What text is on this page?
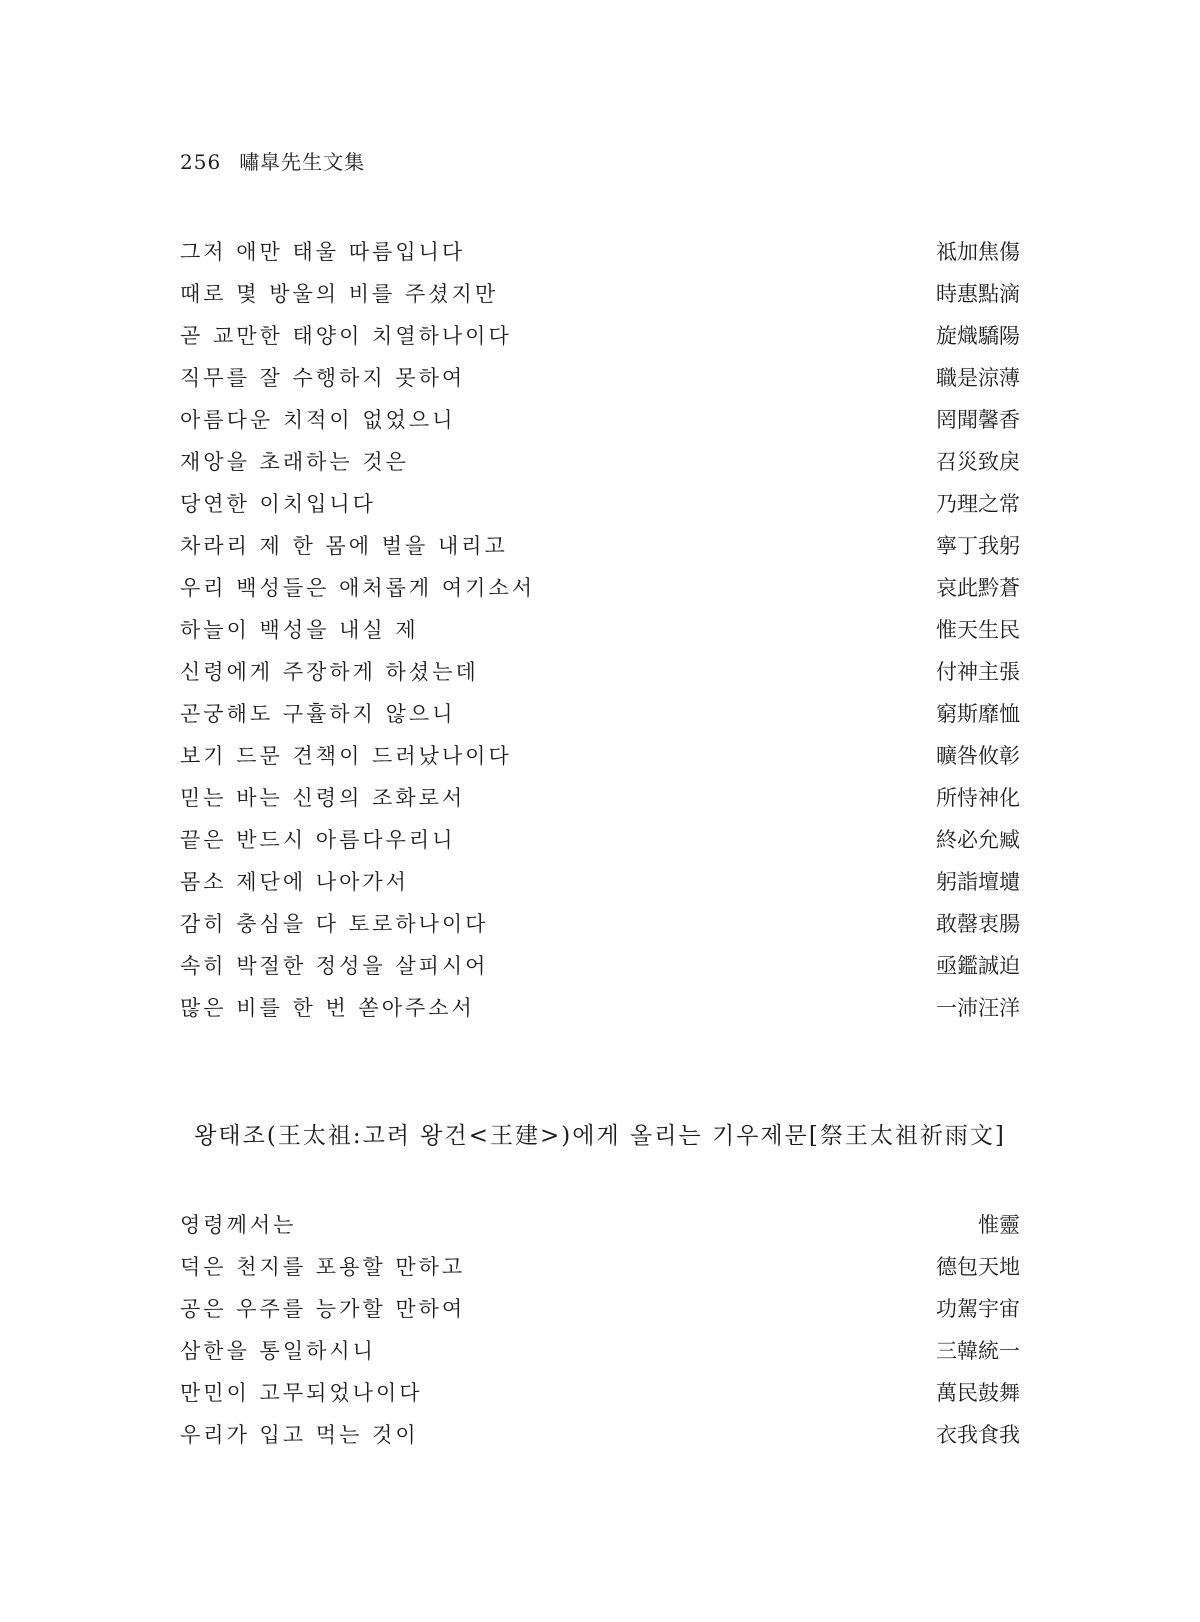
256 嘯皐先生文集
그저 애만 태울 따름입니다	祗加焦傷
때로 몇 방울의 비를 주셨지만	時惠點滴
곧 교만한 태양이 치열하나이다	旋熾驕陽
직무를 잘 수행하지 못하여	職是涼薄
아름다운 치적이 없었으니	罔聞馨香
재앙을 초래하는 것은	召災致戾
당연한 이치입니다	乃理之常
차라리 제 한 몸에 벌을 내리고	寧丁我躬
우리 백성들은 애처롭게 여기소서	哀此黔蒼
하늘이 백성을 내실 제	惟天生民
신령에게 주장하게 하셨는데	付神主張
곤궁해도 구휼하지 않으니	窮斯靡恤
보기 드문 견책이 드러났나이다	曠咎攸彰
믿는 바는 신령의 조화로서	所恃神化
끝은 반드시 아름다우리니	終必允臧
몸소 제단에 나아가서	躬詣壇壝
감히 충심을 다 토로하나이다	敢罄衷腸
속히 박절한 정성을 살피시어	亟鑑誠迫
많은 비를 한 번 쏟아주소서	一沛汪洋
왕태조(王太祖:고려 왕건<王建>)에게 올리는 기우제문[祭王太祖祈雨文]
영령께서는	惟靈
덕은 천지를 포용할 만하고	德包天地
공은 우주를 능가할 만하여	功駕宇宙
삼한을 통일하시니	三韓統一
만민이 고무되었나이다	萬民鼓舞
우리가 입고 먹는 것이	衣我食我
